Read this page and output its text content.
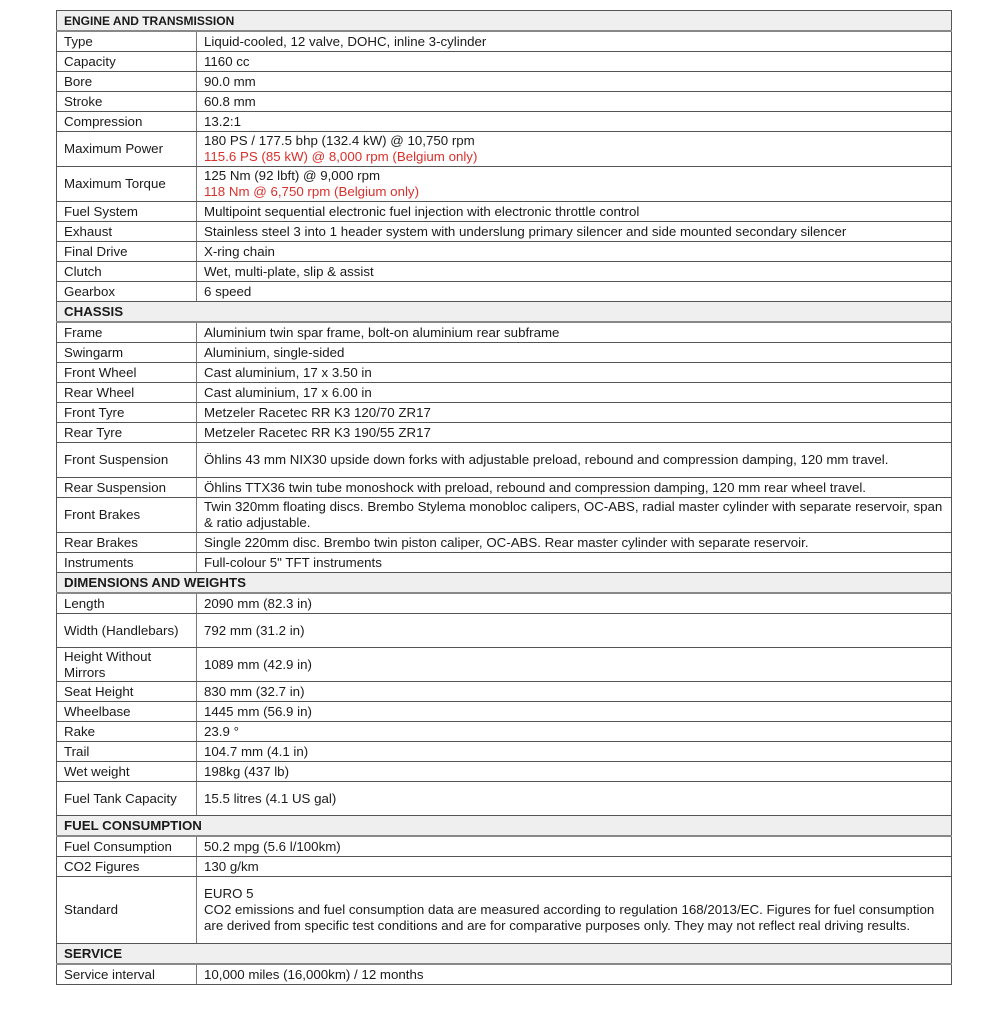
ENGINE AND TRANSMISSION	
Type	Liquid-cooled, 12 valve, DOHC, inline 3-cylinder
Capacity	1160 cc
Bore	90.0 mm
Stroke	60.8 mm
Compression	13.2:1
Maximum Power	180 PS / 177.5 bhp (132.4 kW) @ 10,750 rpm
115.6 PS (85 kW) @ 8,000 rpm (Belgium only)

Maximum Torque	125 Nm (92 lbft) @ 9,000 rpm
118 Nm @ 6,750 rpm (Belgium only)

Fuel System	Multipoint sequential electronic fuel injection with electronic throttle control
Exhaust	Stainless steel 3 into 1 header system with underslung primary silencer and side mounted secondary silencer
Final Drive	X-ring chain
Clutch	Wet, multi-plate, slip & assist
Gearbox	6 speed
CHASSIS	
Frame	Aluminium twin spar frame, bolt-on aluminium rear subframe
Swingarm	Aluminium, single-sided
Front Wheel	Cast aluminium, 17 x 3.50 in
Rear Wheel	Cast aluminium, 17 x 6.00 in
Front Tyre	Metzeler Racetec RR K3 120/70 ZR17
Rear Tyre	Metzeler Racetec RR K3 190/55 ZR17
Front Suspension	Öhlins 43 mm NIX30 upside down forks with adjustable preload, rebound and compression damping, 120 mm travel.
Rear Suspension	Öhlins TTX36 twin tube monoshock with preload, rebound and compression damping, 120 mm rear wheel travel.
Front Brakes	Twin 320mm floating discs. Brembo Stylema monobloc calipers, OC-ABS, radial master cylinder with separate reservoir, span & ratio adjustable.
Rear Brakes	Single 220mm disc. Brembo twin piston caliper, OC-ABS. Rear master cylinder with separate reservoir.
Instruments	Full-colour 5" TFT instruments
DIMENSIONS AND WEIGHTS	
Length	2090 mm (82.3 in)
Width (Handlebars)	792 mm (31.2 in)
Height Without Mirrors	1089 mm (42.9 in)
Seat Height	830 mm (32.7 in)
Wheelbase	1445 mm (56.9 in)
Rake	23.9 °
Trail	104.7 mm (4.1 in)
Wet weight	198kg (437 lb)
Fuel Tank Capacity	15.5 litres (4.1 US gal)
FUEL CONSUMPTION	
Fuel Consumption	50.2 mpg (5.6 l/100km)
CO2 Figures	130 g/km
Standard	EURO 5
CO2 emissions and fuel consumption data are measured according to regulation 168/2013/EC. Figures for fuel consumption are derived from specific test conditions and are for comparative purposes only. They may not reflect real driving results.

SERVICE	
Service interval	10,000 miles (16,000km) / 12 months
